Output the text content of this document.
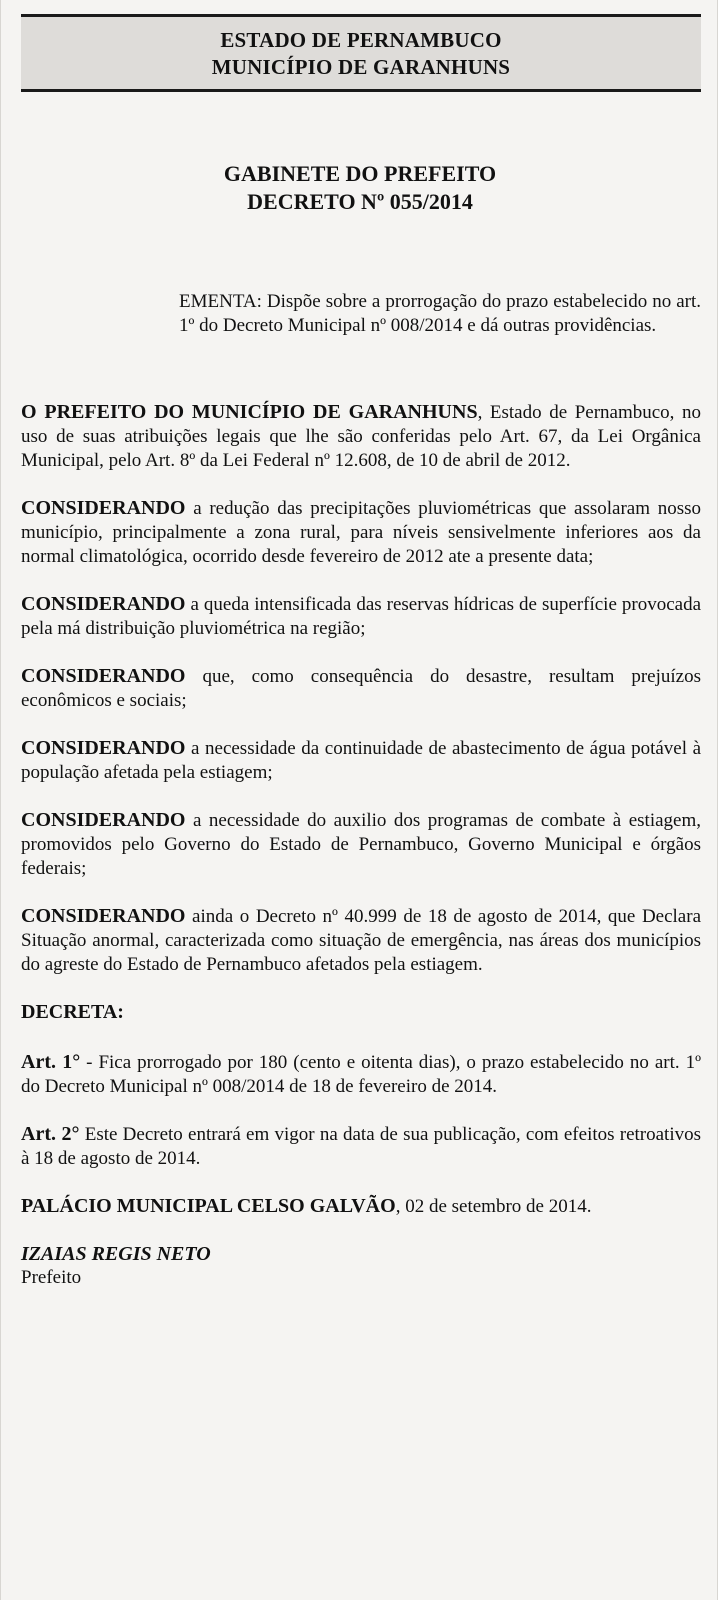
ESTADO DE PERNAMBUCO
MUNICÍPIO DE GARANHUNS
GABINETE DO PREFEITO
DECRETO Nº 055/2014
EMENTA: Dispõe sobre a prorrogação do prazo estabelecido no art. 1º do Decreto Municipal nº 008/2014 e dá outras providências.

O PREFEITO DO MUNICÍPIO DE GARANHUNS, Estado de Pernambuco, no uso de suas atribuições legais que lhe são conferidas pelo Art. 67, da Lei Orgânica Municipal, pelo Art. 8º da Lei Federal nº 12.608, de 10 de abril de 2012.

CONSIDERANDO a redução das precipitações pluviométricas que assolaram nosso município, principalmente a zona rural, para níveis sensivelmente inferiores aos da normal climatológica, ocorrido desde fevereiro de 2012 ate a presente data;

CONSIDERANDO a queda intensificada das reservas hídricas de superfície provocada pela má distribuição pluviométrica na região;

CONSIDERANDO que, como consequência do desastre, resultam prejuízos econômicos e sociais;

CONSIDERANDO a necessidade da continuidade de abastecimento de água potável à população afetada pela estiagem;

CONSIDERANDO a necessidade do auxilio dos programas de combate à estiagem, promovidos pelo Governo do Estado de Pernambuco, Governo Municipal e órgãos federais;

CONSIDERANDO ainda o Decreto nº 40.999 de 18 de agosto de 2014, que Declara Situação anormal, caracterizada como situação de emergência, nas áreas dos municípios do agreste do Estado de Pernambuco afetados pela estiagem.

DECRETA:

Art. 1° - Fica prorrogado por 180 (cento e oitenta dias), o prazo estabelecido no art. 1º do Decreto Municipal nº 008/2014 de 18 de fevereiro de 2014.

Art. 2° Este Decreto entrará em vigor na data de sua publicação, com efeitos retroativos à 18 de agosto de 2014.

PALÁCIO MUNICIPAL CELSO GALVÃO, 02 de setembro de 2014.

IZAIAS REGIS NETO
Prefeito
